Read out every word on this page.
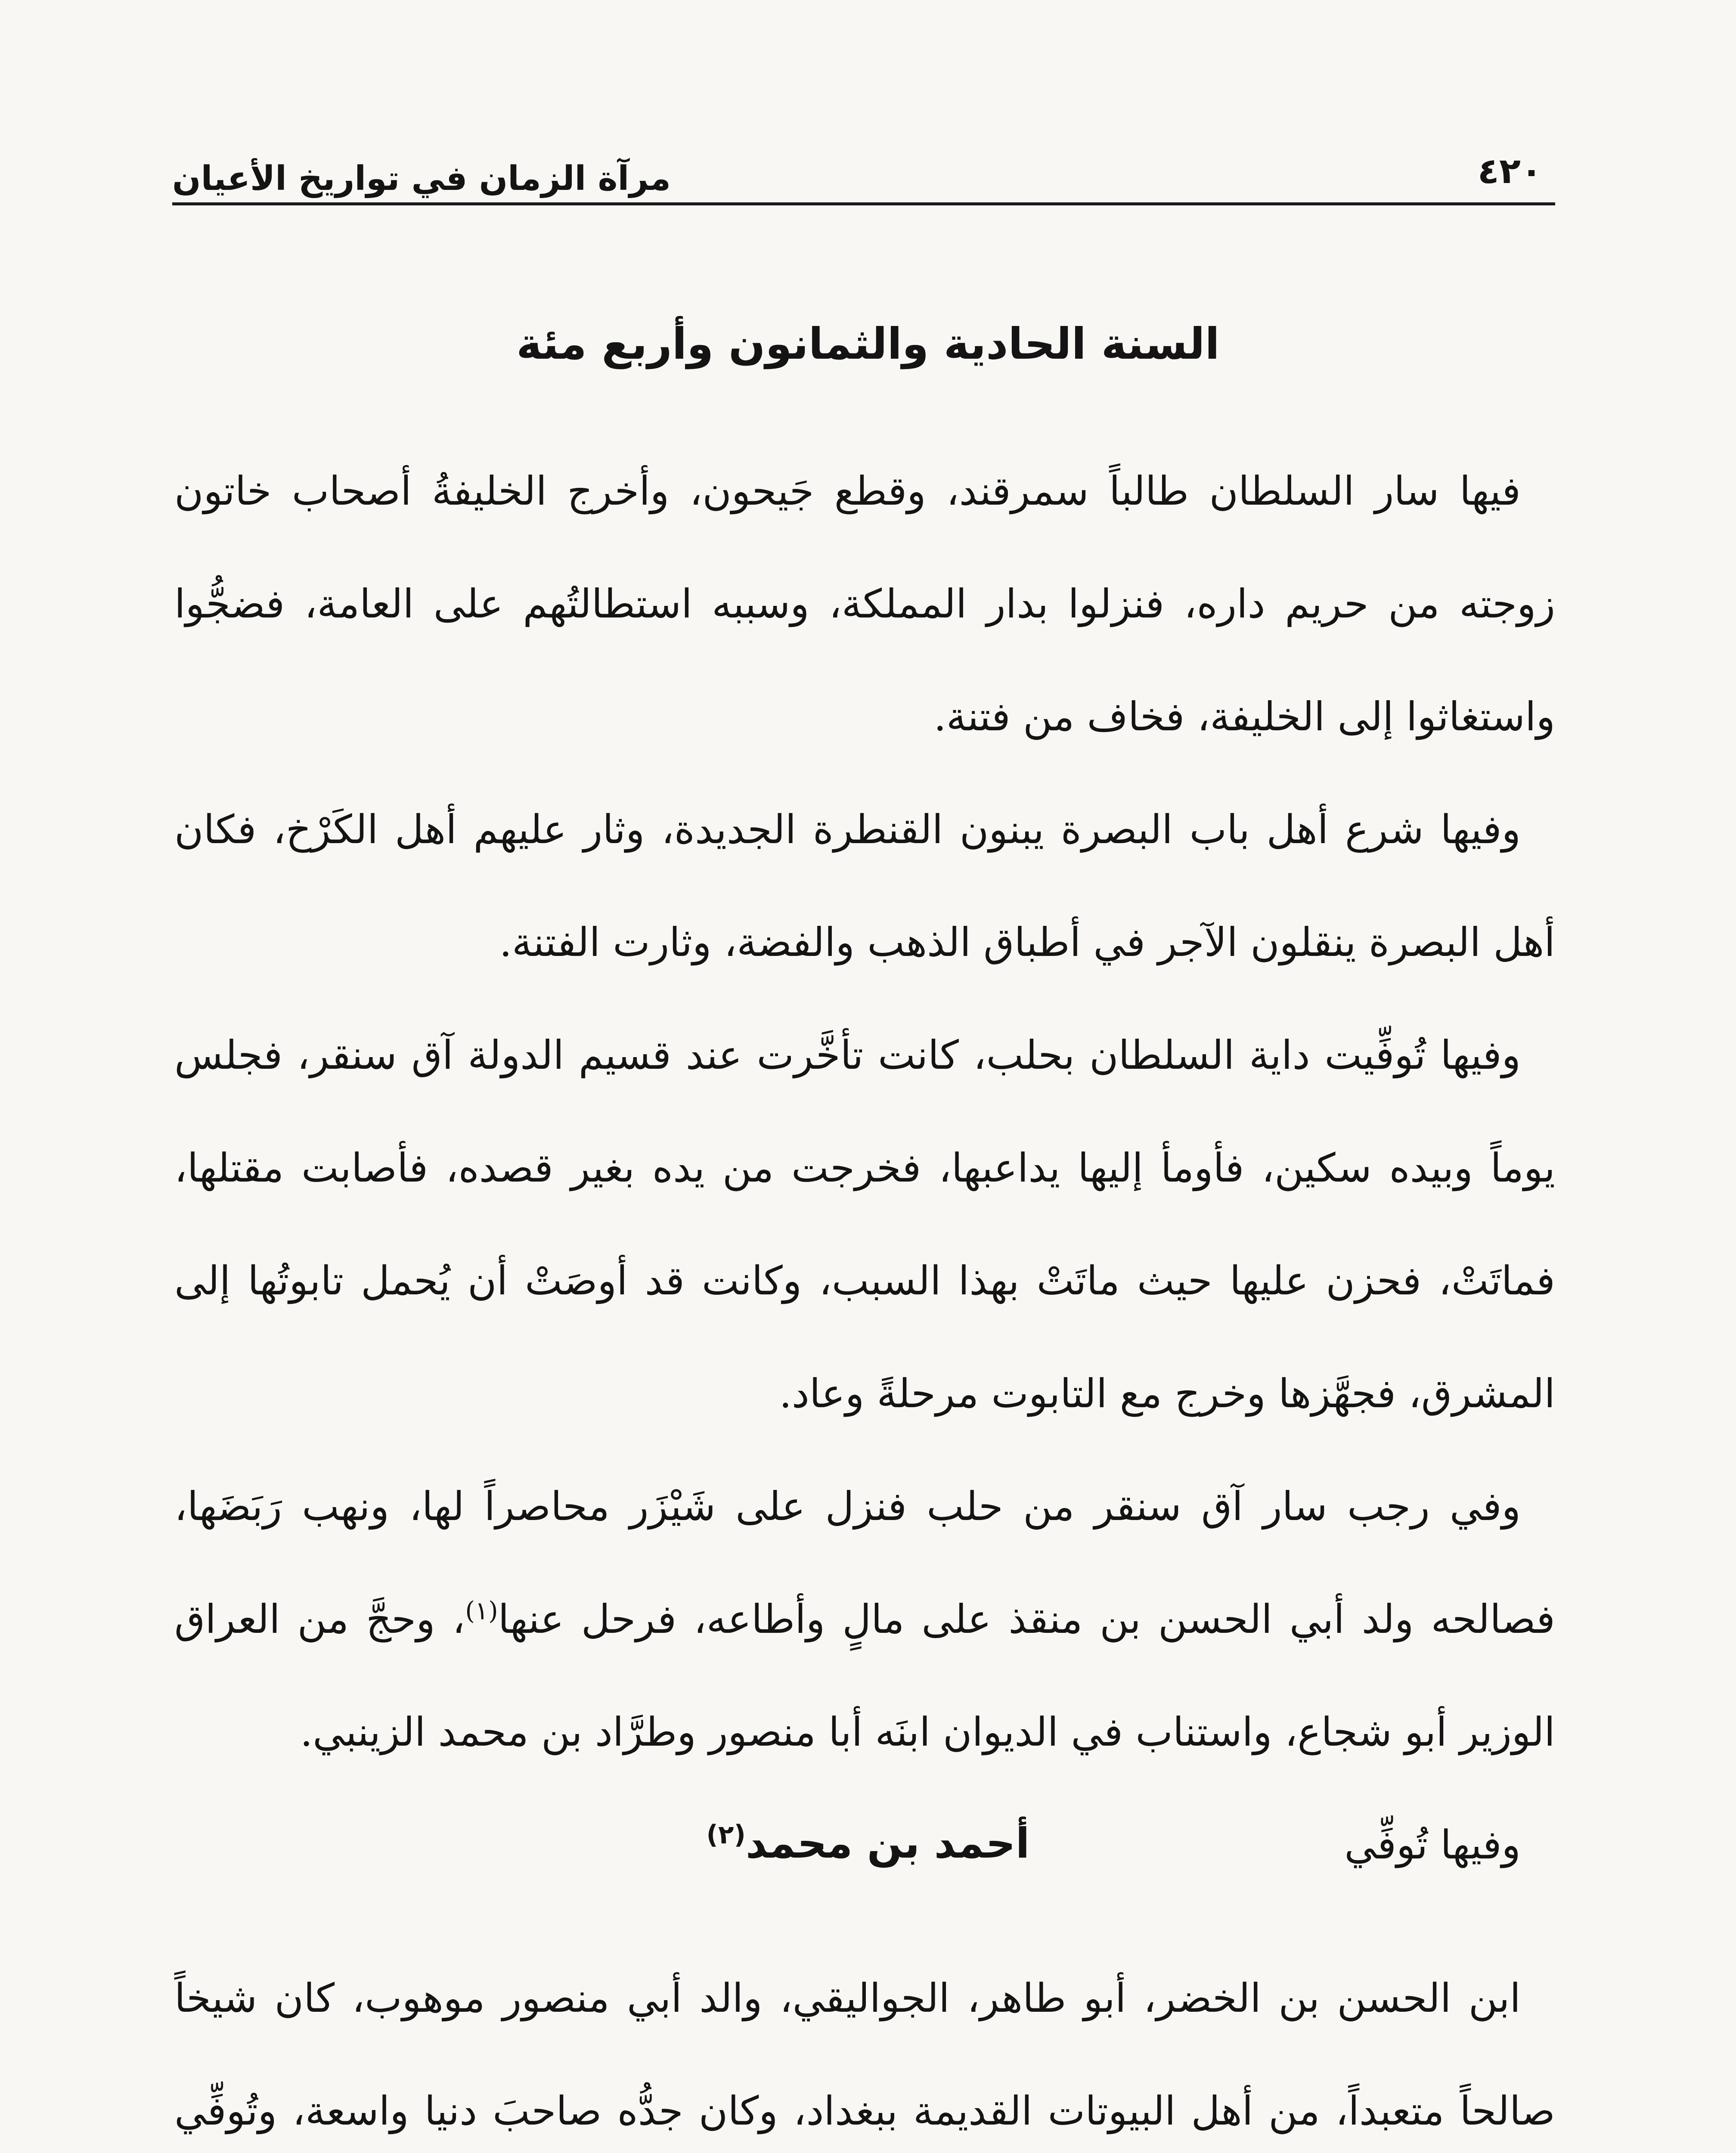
٤٢٠
مرآة الزمان في تواريخ الأعيان
السنة الحادية والثمانون وأربع مئة

فيها سار السلطان طالباً سمرقند، وقطع جَيحون، وأخرج الخليفةُ أصحاب خاتون زوجته من حريم داره، فنزلوا بدار المملكة، وسببه استطالتُهم على العامة، فضجُّوا واستغاثوا إلى الخليفة، فخاف من فتنة.

وفيها شرع أهل باب البصرة يبنون القنطرة الجديدة، وثار عليهم أهل الكَرْخ، فكان أهل البصرة ينقلون الآجر في أطباق الذهب والفضة، وثارت الفتنة.

وفيها تُوفِّيت داية السلطان بحلب، كانت تأخَّرت عند قسيم الدولة آق سنقر، فجلس يوماً وبيده سكين، فأومأ إليها يداعبها، فخرجت من يده بغير قصده، فأصابت مقتلها، فماتَتْ، فحزن عليها حيث ماتَتْ بهذا السبب، وكانت قد أوصَتْ أن يُحمل تابوتُها إلى المشرق، فجهَّزها وخرج مع التابوت مرحلةً وعاد.

وفي رجب سار آق سنقر من حلب فنزل على شَيْزَر محاصراً لها، ونهب رَبَضَها، فصالحه ولد أبي الحسن بن منقذ على مالٍ وأطاعه، فرحل عنها$^{(١)}$، وحجَّ من العراق الوزير أبو شجاع، واستناب في الديوان ابنَه أبا منصور وطرَّاد بن محمد الزينبي.

وفيها تُوفِّي

أحمد بن محمد$^{(٢)}$

ابن الحسن بن الخضر، أبو طاهر، الجواليقي، والد أبي منصور موهوب، كان شيخاً صالحاً متعبداً، من أهل البيوتات القديمة ببغداد، وكان جدُّه صاحبَ دنيا واسعة، وتُوفِّي
